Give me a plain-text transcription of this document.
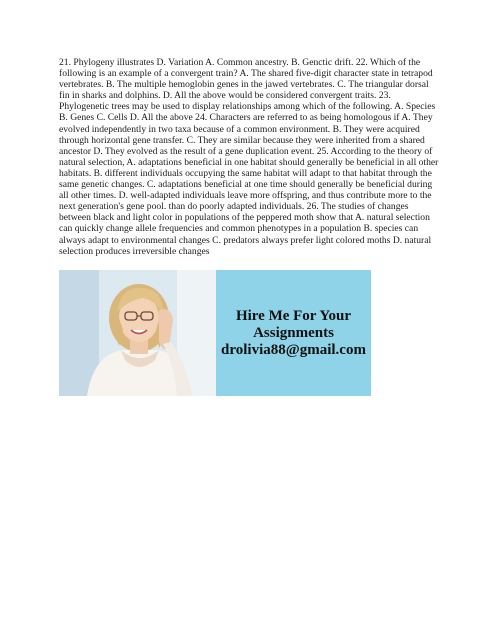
21. Phylogeny illustrates D. Variation A. Common ancestry. B. Genctic drift. 22. Which of the following is an example of a convergent train? A. The shared five-digit character state in tetrapod vertebrates. B. The multiple hemoglobin genes in the jawed vertebrates. C. The triangular dorsal fin in sharks and dolphins. D. All the above would be considered convergent traits. 23. Phylogenetic trees may be used to display relationships among which of the following. A. Species B. Genes C. Cells D. All the above 24. Characters are referred to as being homologous if A. They evolved independently in two taxa because of a common environment. B. They were acquired through horizontal gene transfer. C. They are similar because they were inherited from a shared ancestor D. They evolved as the result of a gene duplication event. 25. According to the theory of natural selection, A. adaptations beneficial in one habitat should generally be beneficial in all other habitats. B. different individuals occupying the same habitat will adapt to that habitat through the same genetic changes. C. adaptations beneficial at one time should generally be beneficial during all other times. D. well-adapted individuals leave more offspring, and thus contribute more to the next generation's gene pool. than do poorly adapted individuals. 26. The studies of changes between black and light color in populations of the peppered moth show that A. natural selection can quickly change allele frequencies and common phenotypes in a population B. species can always adapt to environmental changes C. predators always prefer light colored moths D. natural selection produces irreversible changes
Hire Me For Your
Assignments
drolivia88@gmail.com
